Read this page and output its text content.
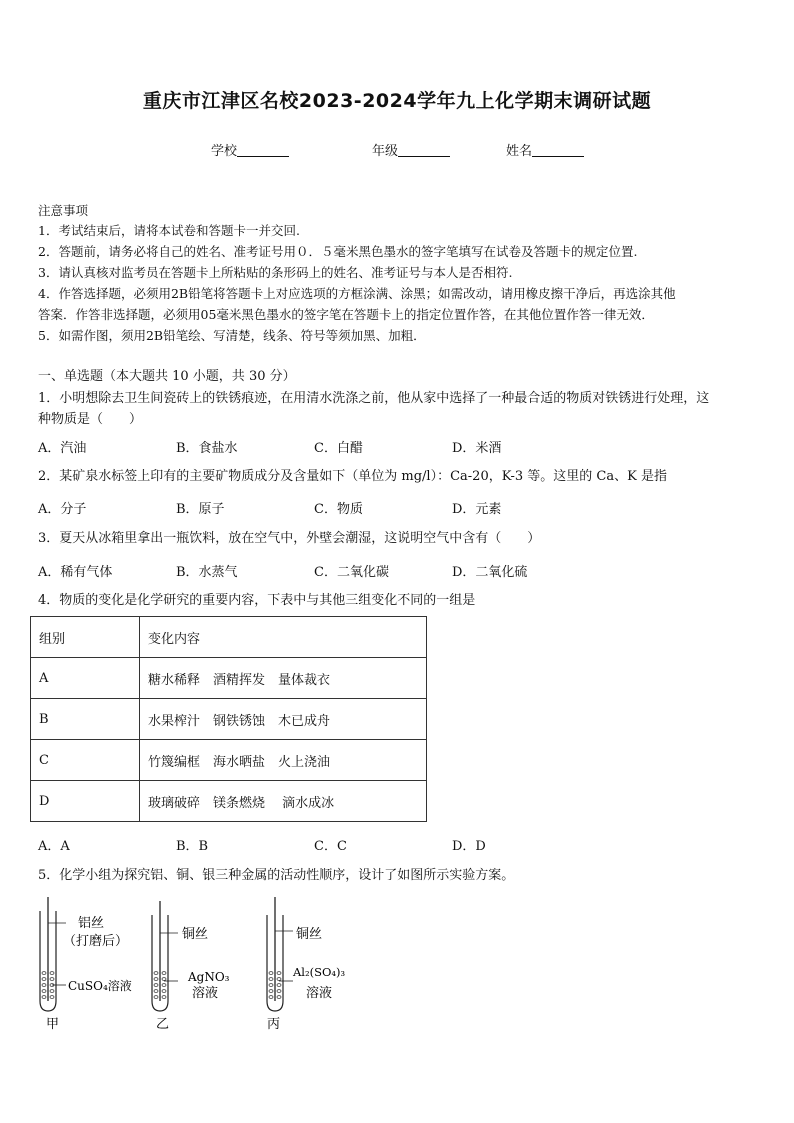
重庆市江津区名校2023-2024学年九上化学期末调研试题
学校	年级	姓名
注意事项
1．考试结束后，请将本试卷和答题卡一并交回.
2．答题前，请务必将自己的姓名、准考证号用０．５毫米黑色墨水的签字笔填写在试卷及答题卡的规定位置.
3．请认真核对监考员在答题卡上所粘贴的条形码上的姓名、准考证号与本人是否相符.
4．作答选择题，必须用2B铅笔将答题卡上对应选项的方框涂满、涂黑；如需改动，请用橡皮擦干净后，再选涂其他
答案．作答非选择题，必须用05毫米黑色墨水的签字笔在答题卡上的指定位置作答，在其他位置作答一律无效．
5．如需作图，须用2B铅笔绘、写清楚，线条、符号等须加黑、加粗．
一、单选题（本大题共 10 小题，共 30 分）
1．小明想除去卫生间瓷砖上的铁锈痕迹，在用清水洗涤之前，他从家中选择了一种最合适的物质对铁锈进行处理，这
种物质是（　　）
A．汽油	B．食盐水	C．白醋	D．米酒
2．某矿泉水标签上印有的主要矿物质成分及含量如下（单位为 mg/l）：Ca-20，K-3 等。这里的 Ca、K 是指
A．分子	B．原子	C．物质	D．元素
3．夏天从冰箱里拿出一瓶饮料，放在空气中，外壁会潮湿，这说明空气中含有（　　）
A．稀有气体	B．水蒸气	C．二氧化碳	D．二氧化硫
4．物质的变化是化学研究的重要内容，下表中与其他三组变化不同的一组是
组别	变化内容
A	糖水稀释　酒精挥发　量体裁衣
B	水果榨汁　钢铁锈蚀　木已成舟
C	竹篾编框　海水晒盐　火上浇油
D	玻璃破碎　镁条燃烧　 滴水成冰
A．A	B．B	C．C	D．D
5．化学小组为探究铝、铜、银三种金属的活动性顺序，设计了如图所示实验方案。
铝丝
（打磨后）
CuSO₄溶液
甲
铜丝
AgNO₃
溶液
乙
铜丝
Al₂(SO₄)₃
溶液
丙
